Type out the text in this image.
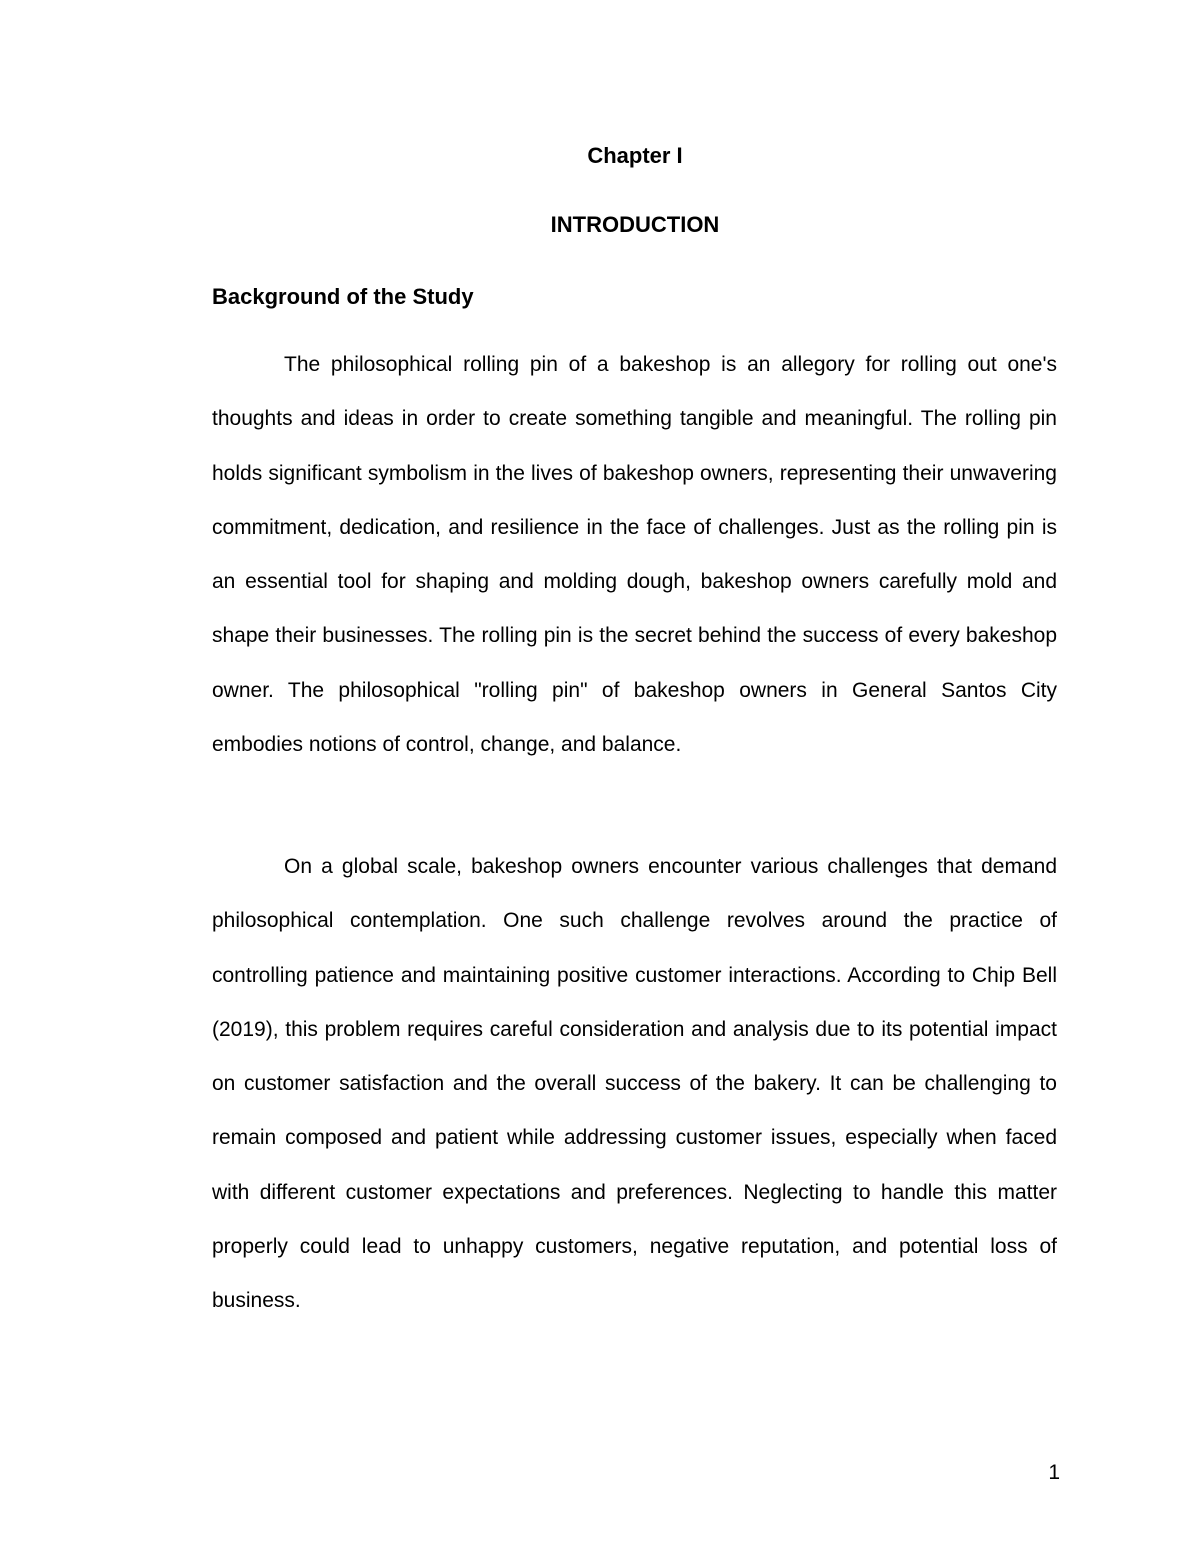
Chapter I
INTRODUCTION
Background of the Study

The philosophical rolling pin of a bakeshop is an allegory for rolling out one's thoughts and ideas in order to create something tangible and meaningful. The rolling pin holds significant symbolism in the lives of bakeshop owners, representing their unwavering commitment, dedication, and resilience in the face of challenges. Just as the rolling pin is an essential tool for shaping and molding dough, bakeshop owners carefully mold and shape their businesses. The rolling pin is the secret behind the success of every bakeshop owner. The philosophical "rolling pin" of bakeshop owners in General Santos City embodies notions of control, change, and balance.

On a global scale, bakeshop owners encounter various challenges that demand philosophical contemplation. One such challenge revolves around the practice of controlling patience and maintaining positive customer interactions. According to Chip Bell (2019), this problem requires careful consideration and analysis due to its potential impact on customer satisfaction and the overall success of the bakery. It can be challenging to remain composed and patient while addressing customer issues, especially when faced with different customer expectations and preferences. Neglecting to handle this matter properly could lead to unhappy customers, negative reputation, and potential loss of business.

1
